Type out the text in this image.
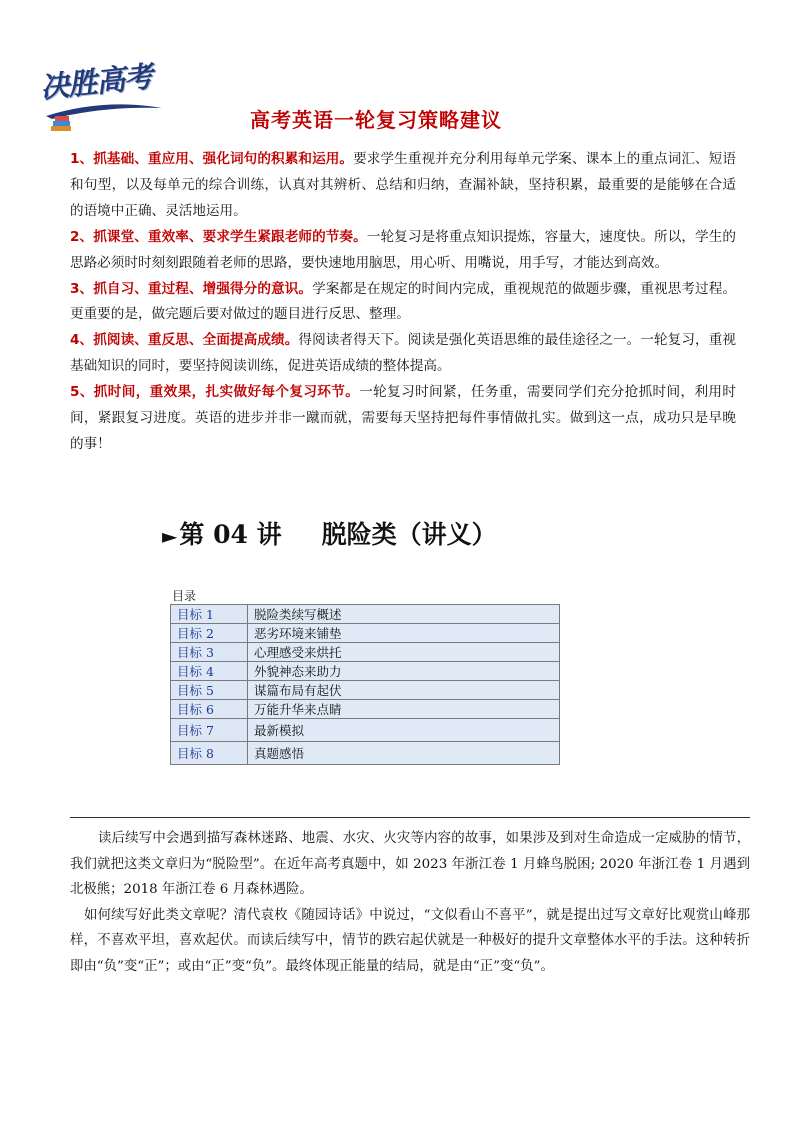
决胜高考
高考英语一轮复习策略建议

1、抓基础、重应用、强化词句的积累和运用。要求学生重视并充分利用每单元学案、课本上的重点词汇、短语和句型，以及每单元的综合训练，认真对其辨析、总结和归纳，查漏补缺，坚持积累，最重要的是能够在合适的语境中正确、灵活地运用。

2、抓课堂、重效率、要求学生紧跟老师的节奏。一轮复习是将重点知识提炼，容量大，速度快。所以，学生的思路必须时时刻刻跟随着老师的思路，要快速地用脑思，用心听、用嘴说，用手写，才能达到高效。

3、抓自习、重过程、增强得分的意识。学案都是在规定的时间内完成，重视规范的做题步骤，重视思考过程。更重要的是，做完题后要对做过的题目进行反思、整理。

4、抓阅读、重反思、全面提高成绩。得阅读者得天下。阅读是强化英语思维的最佳途径之一。一轮复习，重视基础知识的同时，要坚持阅读训练，促进英语成绩的整体提高。

5、抓时间，重效果，扎实做好每个复习环节。一轮复习时间紧，任务重，需要同学们充分抢抓时间，利用时间，紧跟复习进度。英语的进步并非一蹴而就，需要每天坚持把每件事情做扎实。做到这一点，成功只是早晚的事！

►第 04 讲 脱险类（讲义）
目录
目标 1	脱险类续写概述
目标 2	恶劣环境来铺垫
目标 3	心理感受来烘托
目标 4	外貌神态来助力
目标 5	谋篇布局有起伏
目标 6	万能升华来点睛
目标 7	最新模拟
目标 8	真题感悟

读后续写中会遇到描写森林迷路、地震、水灾、火灾等内容的故事，如果涉及到对生命造成一定威胁的情节，我们就把这类文章归为“脱险型”。在近年高考真题中，如 2023 年浙江卷 1 月蜂鸟脱困; 2020 年浙江卷 1 月遇到北极熊；2018 年浙江卷 6 月森林遇险。

如何续写好此类文章呢？清代袁枚《随园诗话》中说过，“文似看山不喜平”，就是提出过写文章好比观赏山峰那样，不喜欢平坦，喜欢起伏。而读后续写中，情节的跌宕起伏就是一种极好的提升文章整体水平的手法。这种转折即由“负”变“正”；或由“正”变“负”。最终体现正能量的结局，就是由“正”变“负”。
